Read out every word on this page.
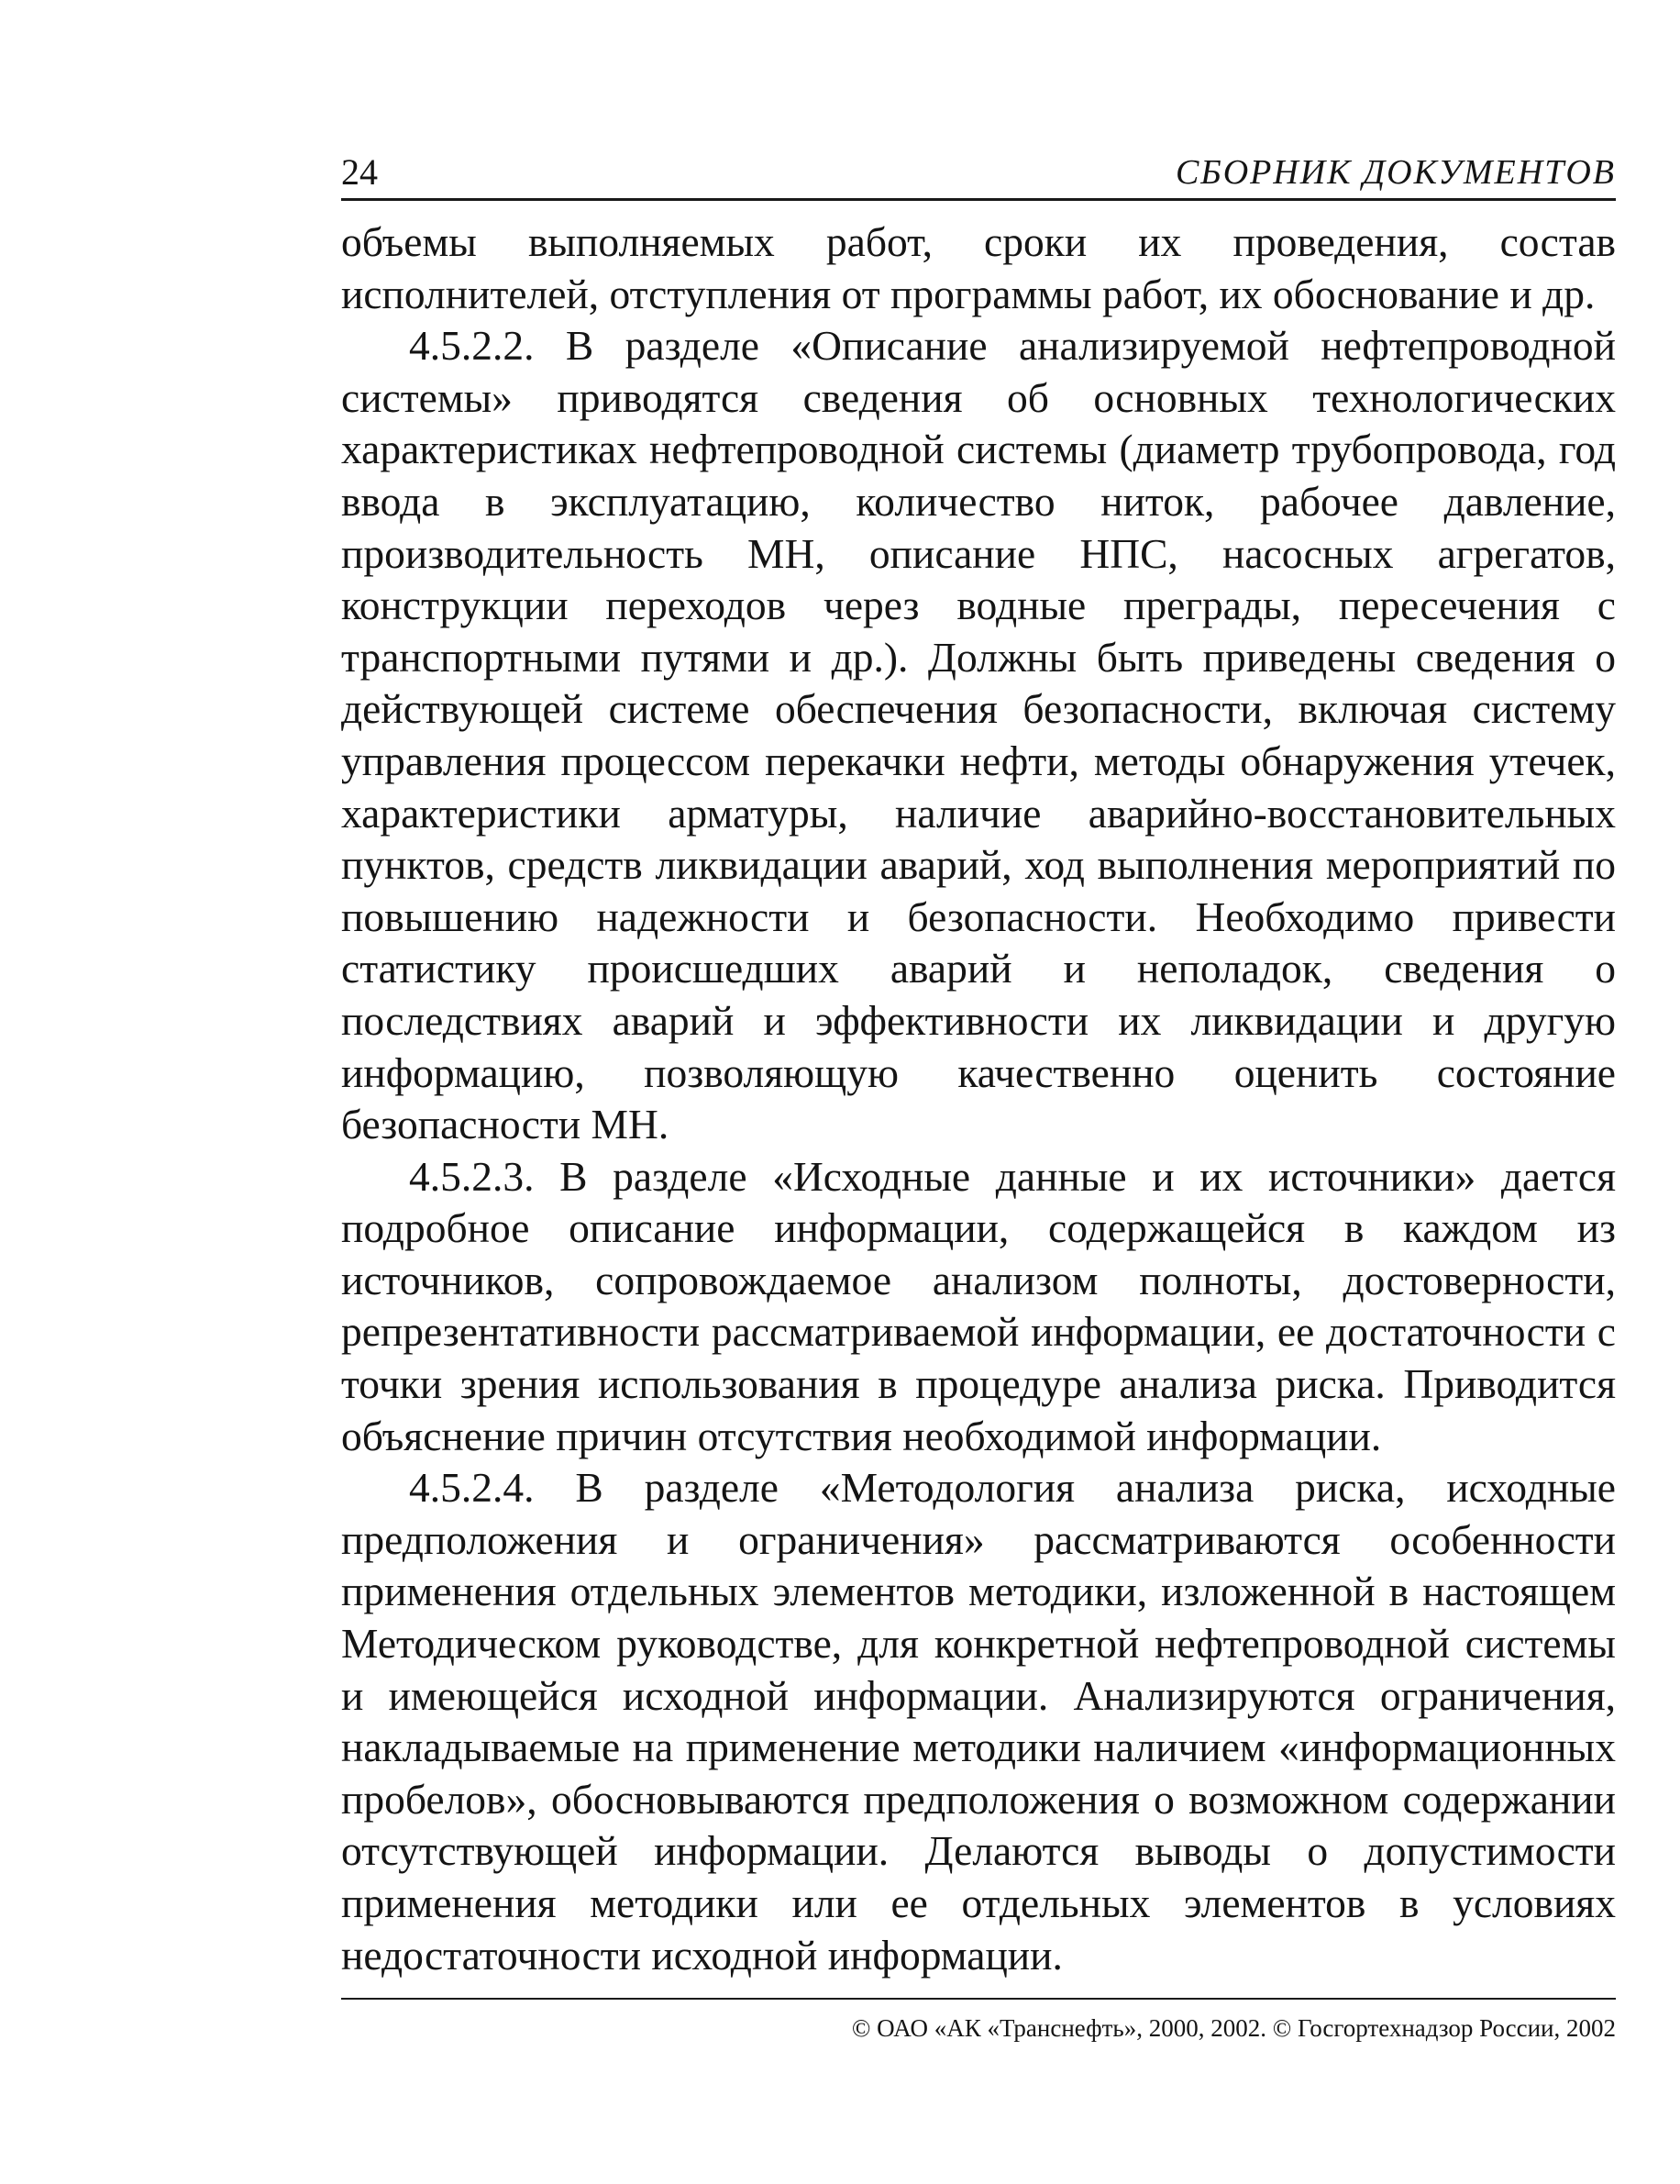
24	СБОРНИК ДОКУМЕНТОВ

объемы выполняемых работ, сроки их проведения, состав исполнителей, отступления от программы работ, их обоснование и др.

4.5.2.2. В разделе «Описание анализируемой нефтепроводной системы» приводятся сведения об основных технологических характеристиках нефтепроводной системы (диаметр трубопровода, год ввода в эксплуатацию, количество ниток, рабочее давление, производительность МН, описание НПС, насосных агрегатов, конструкции переходов через водные преграды, пересечения с транспортными путями и др.). Должны быть приведены сведения о действующей системе обеспечения безопасности, включая систему управления процессом перекачки нефти, методы обнаружения утечек, характеристики арматуры, наличие аварийно-восстановительных пунктов, средств ликвидации аварий, ход выполнения мероприятий по повышению надежности и безопасности. Необходимо привести статистику происшедших аварий и неполадок, сведения о последствиях аварий и эффективности их ликвидации и другую информацию, позволяющую качественно оценить состояние безопасности МН.

4.5.2.3. В разделе «Исходные данные и их источники» дается подробное описание информации, содержащейся в каждом из источников, сопровождаемое анализом полноты, достоверности, репрезентативности рассматриваемой информации, ее достаточности с точки зрения использования в процедуре анализа риска. Приводится объяснение причин отсутствия необходимой информации.

4.5.2.4. В разделе «Методология анализа риска, исходные предположения и ограничения» рассматриваются особенности применения отдельных элементов методики, изложенной в настоящем Методическом руководстве, для конкретной нефтепроводной системы и имеющейся исходной информации. Анализируются ограничения, накладываемые на применение методики наличием «информационных пробелов», обосновываются предположения о возможном содержании отсутствующей информации. Делаются выводы о допустимости применения методики или ее отдельных элементов в условиях недостаточности исходной информации.

© ОАО «АК «Транснефть», 2000, 2002. © Госгортехнадзор России, 2002
